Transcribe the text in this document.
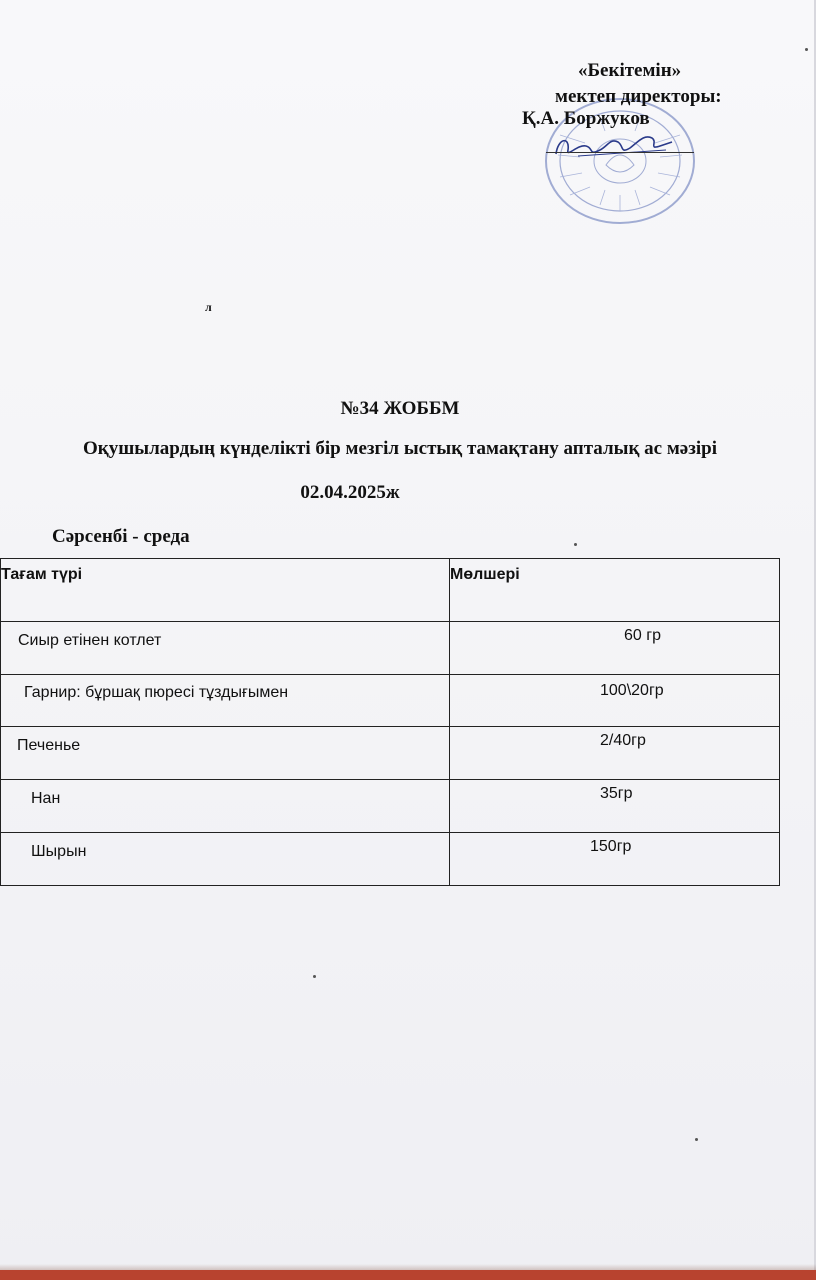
«Бекітемін»
мектеп директоры:
Қ.А. Боржуков
л
№34 ЖОББМ
Оқушылардың күнделікті бір мезгіл ыстық тамақтану апталық ас мәзірі
02.04.2025ж
Сәрсенбі - среда
Тағам түрі	Мөлшері
Сиыр етінен котлет	60 гр
Гарнир: бұршақ пюресі тұздығымен	100\20гр
Печенье	2/40гр
Нан	35гр
Шырын	150гр
